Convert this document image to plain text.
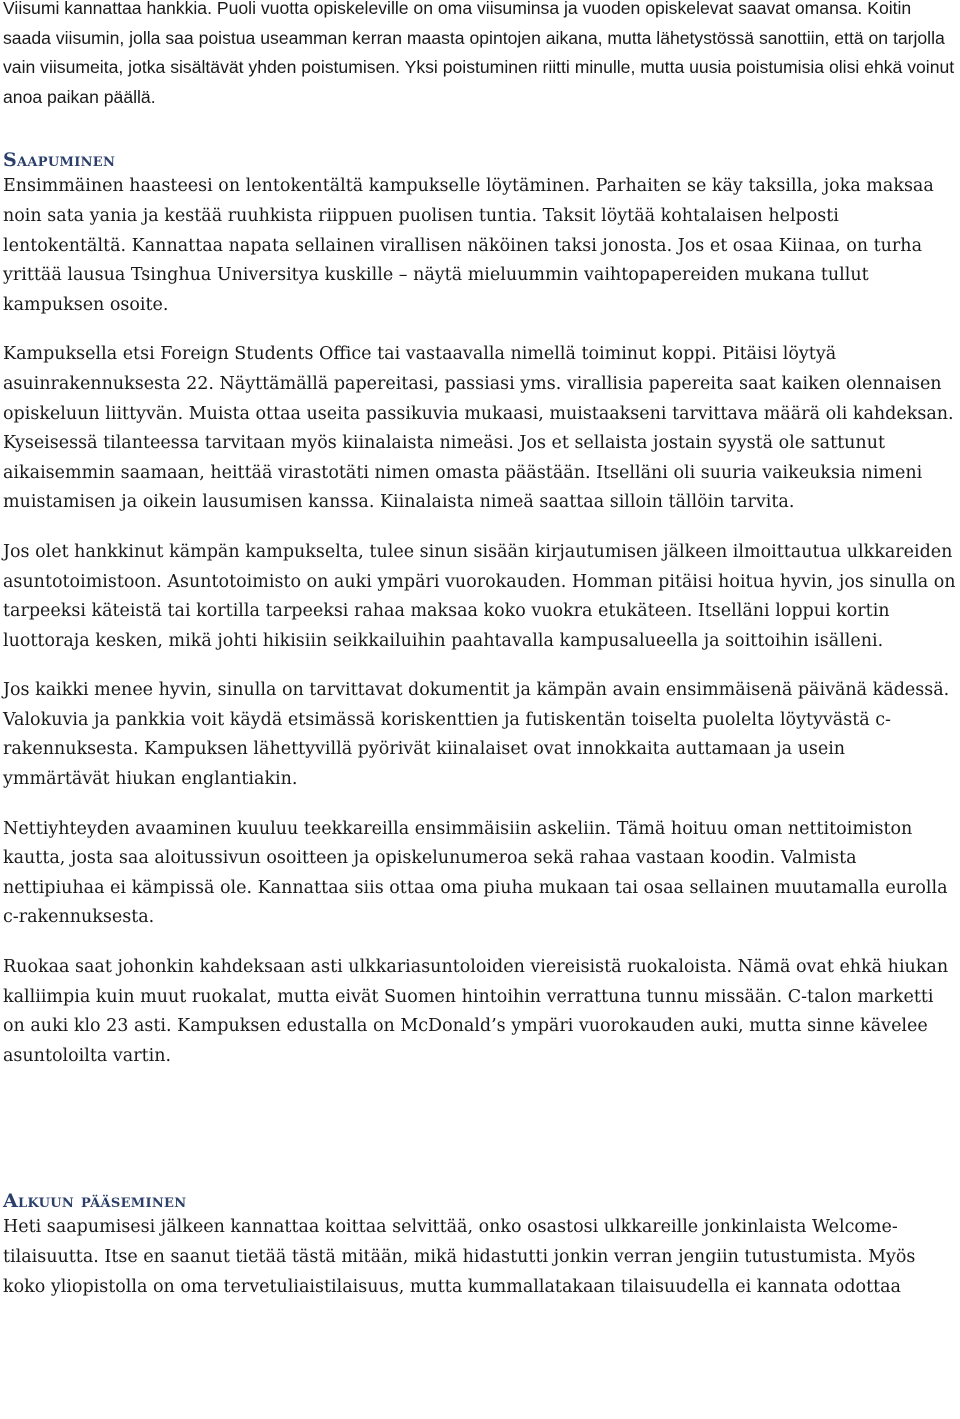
Viisumi kannattaa hankkia. Puoli vuotta opiskeleville on oma viisuminsa ja vuoden opiskelevat saavat omansa. Koitin saada viisumin, jolla saa poistua useamman kerran maasta opintojen aikana, mutta lähetystössä sanottiin, että on tarjolla vain viisumeita, jotka sisältävät yhden poistumisen. Yksi poistuminen riitti minulle, mutta uusia poistumisia olisi ehkä voinut anoa paikan päällä.

Saapuminen

Ensimmäinen haasteesi on lentokentältä kampukselle löytäminen. Parhaiten se käy taksilla, joka maksaa noin sata yania ja kestää ruuhkista riippuen puolisen tuntia. Taksit löytää kohtalaisen helposti lentokentältä. Kannattaa napata sellainen virallisen näköinen taksi jonosta. Jos et osaa Kiinaa, on turha yrittää lausua Tsinghua Universitya kuskille – näytä mieluummin vaihtopapereiden mukana tullut kampuksen osoite.

Kampuksella etsi Foreign Students Office tai vastaavalla nimellä toiminut koppi. Pitäisi löytyä asuinrakennuksesta 22. Näyttämällä papereitasi, passiasi yms. virallisia papereita saat kaiken olennaisen opiskeluun liittyvän. Muista ottaa useita passikuvia mukaasi, muistaakseni tarvittava määrä oli kahdeksan. Kyseisessä tilanteessa tarvitaan myös kiinalaista nimeäsi. Jos et sellaista jostain syystä ole sattunut aikaisemmin saamaan, heittää virastotäti nimen omasta päästään. Itselläni oli suuria vaikeuksia nimeni muistamisen ja oikein lausumisen kanssa. Kiinalaista nimeä saattaa silloin tällöin tarvita.

Jos olet hankkinut kämpän kampukselta, tulee sinun sisään kirjautumisen jälkeen ilmoittautua ulkkareiden asuntotoimistoon. Asuntotoimisto on auki ympäri vuorokauden. Homman pitäisi hoitua hyvin, jos sinulla on tarpeeksi käteistä tai kortilla tarpeeksi rahaa maksaa koko vuokra etukäteen. Itselläni loppui kortin luottoraja kesken, mikä johti hikisiin seikkailuihin paahtavalla kampusalueella ja soittoihin isälleni.

Jos kaikki menee hyvin, sinulla on tarvittavat dokumentit ja kämpän avain ensimmäisenä päivänä kädessä. Valokuvia ja pankkia voit käydä etsimässä koriskenttien ja futiskentän toiselta puolelta löytyvästä c-rakennuksesta. Kampuksen lähettyvillä pyörivät kiinalaiset ovat innokkaita auttamaan ja usein ymmärtävät hiukan englantiakin.

Nettiyhteyden avaaminen kuuluu teekkareilla ensimmäisiin askeliin. Tämä hoituu oman nettitoimiston kautta, josta saa aloitussivun osoitteen ja opiskelunumeroa sekä rahaa vastaan koodin. Valmista nettipiuhaa ei kämpissä ole. Kannattaa siis ottaa oma piuha mukaan tai osaa sellainen muutamalla eurolla c-rakennuksesta.

Ruokaa saat johonkin kahdeksaan asti ulkkariasuntoloiden viereisistä ruokaloista. Nämä ovat ehkä hiukan kalliimpia kuin muut ruokalat, mutta eivät Suomen hintoihin verrattuna tunnu missään. C-talon marketti on auki klo 23 asti. Kampuksen edustalla on McDonald’s ympäri vuorokauden auki, mutta sinne kävelee asuntoloilta vartin.

Alkuun pääseminen

Heti saapumisesi jälkeen kannattaa koittaa selvittää, onko osastosi ulkkareille jonkinlaista Welcome-tilaisuutta. Itse en saanut tietää tästä mitään, mikä hidastutti jonkin verran jengiin tutustumista. Myös koko yliopistolla on oma tervetuliaistilaisuus, mutta kummallatakaan tilaisuudella ei kannata odottaa
